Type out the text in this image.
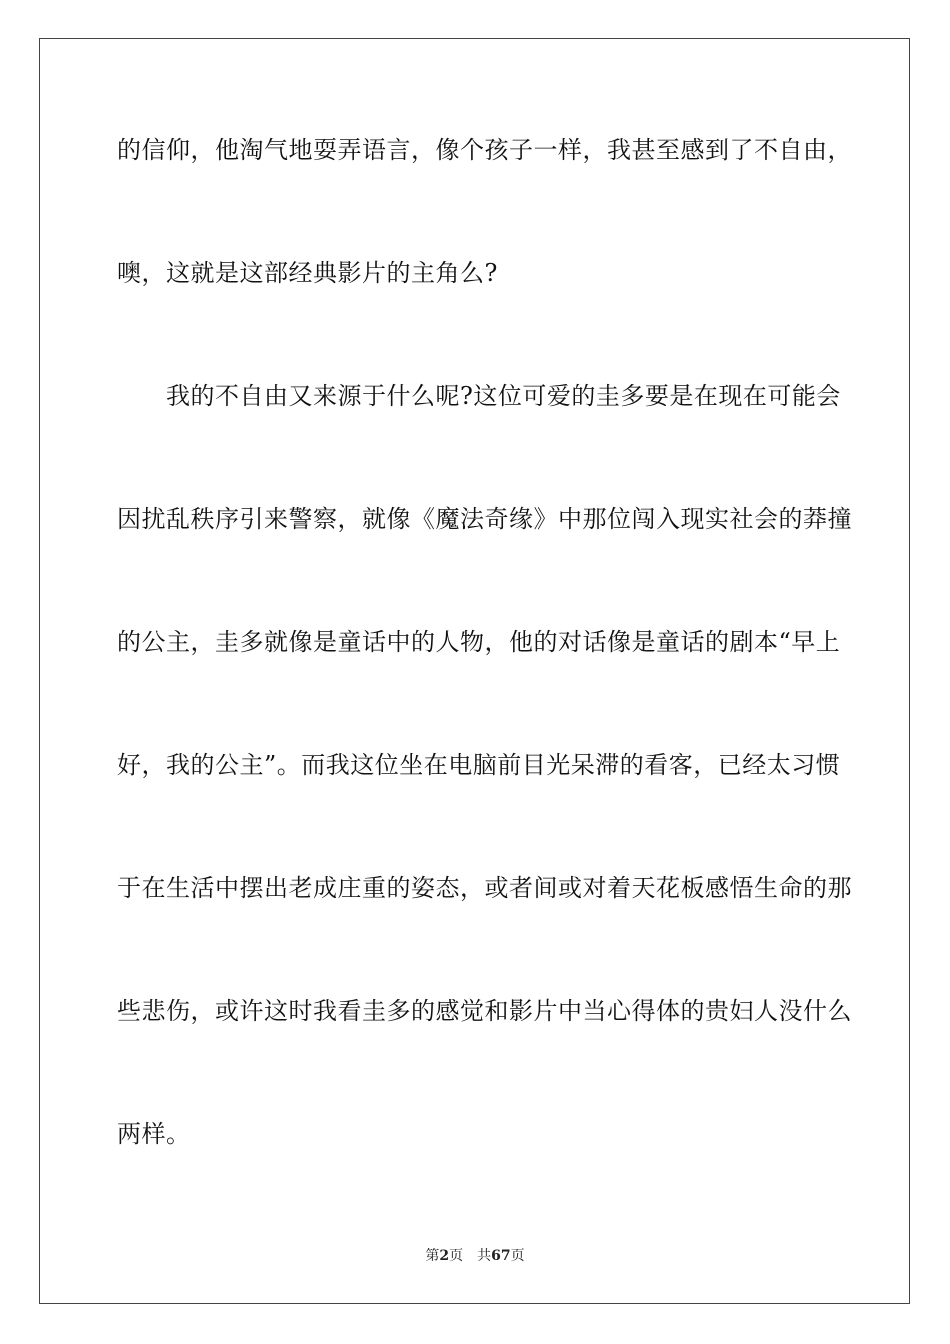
的信仰，他淘气地耍弄语言，像个孩子一样，我甚至感到了不自由，
噢，这就是这部经典影片的主角么?
我的不自由又来源于什么呢?这位可爱的圭多要是在现在可能会
因扰乱秩序引来警察，就像《魔法奇缘》中那位闯入现实社会的莽撞
的公主，圭多就像是童话中的人物，他的对话像是童话的剧本“早上
好，我的公主”。而我这位坐在电脑前目光呆滞的看客，已经太习惯
于在生活中摆出老成庄重的姿态，或者间或对着天花板感悟生命的那
些悲伤，或许这时我看圭多的感觉和影片中当心得体的贵妇人没什么
两样。
第2页 共67页
